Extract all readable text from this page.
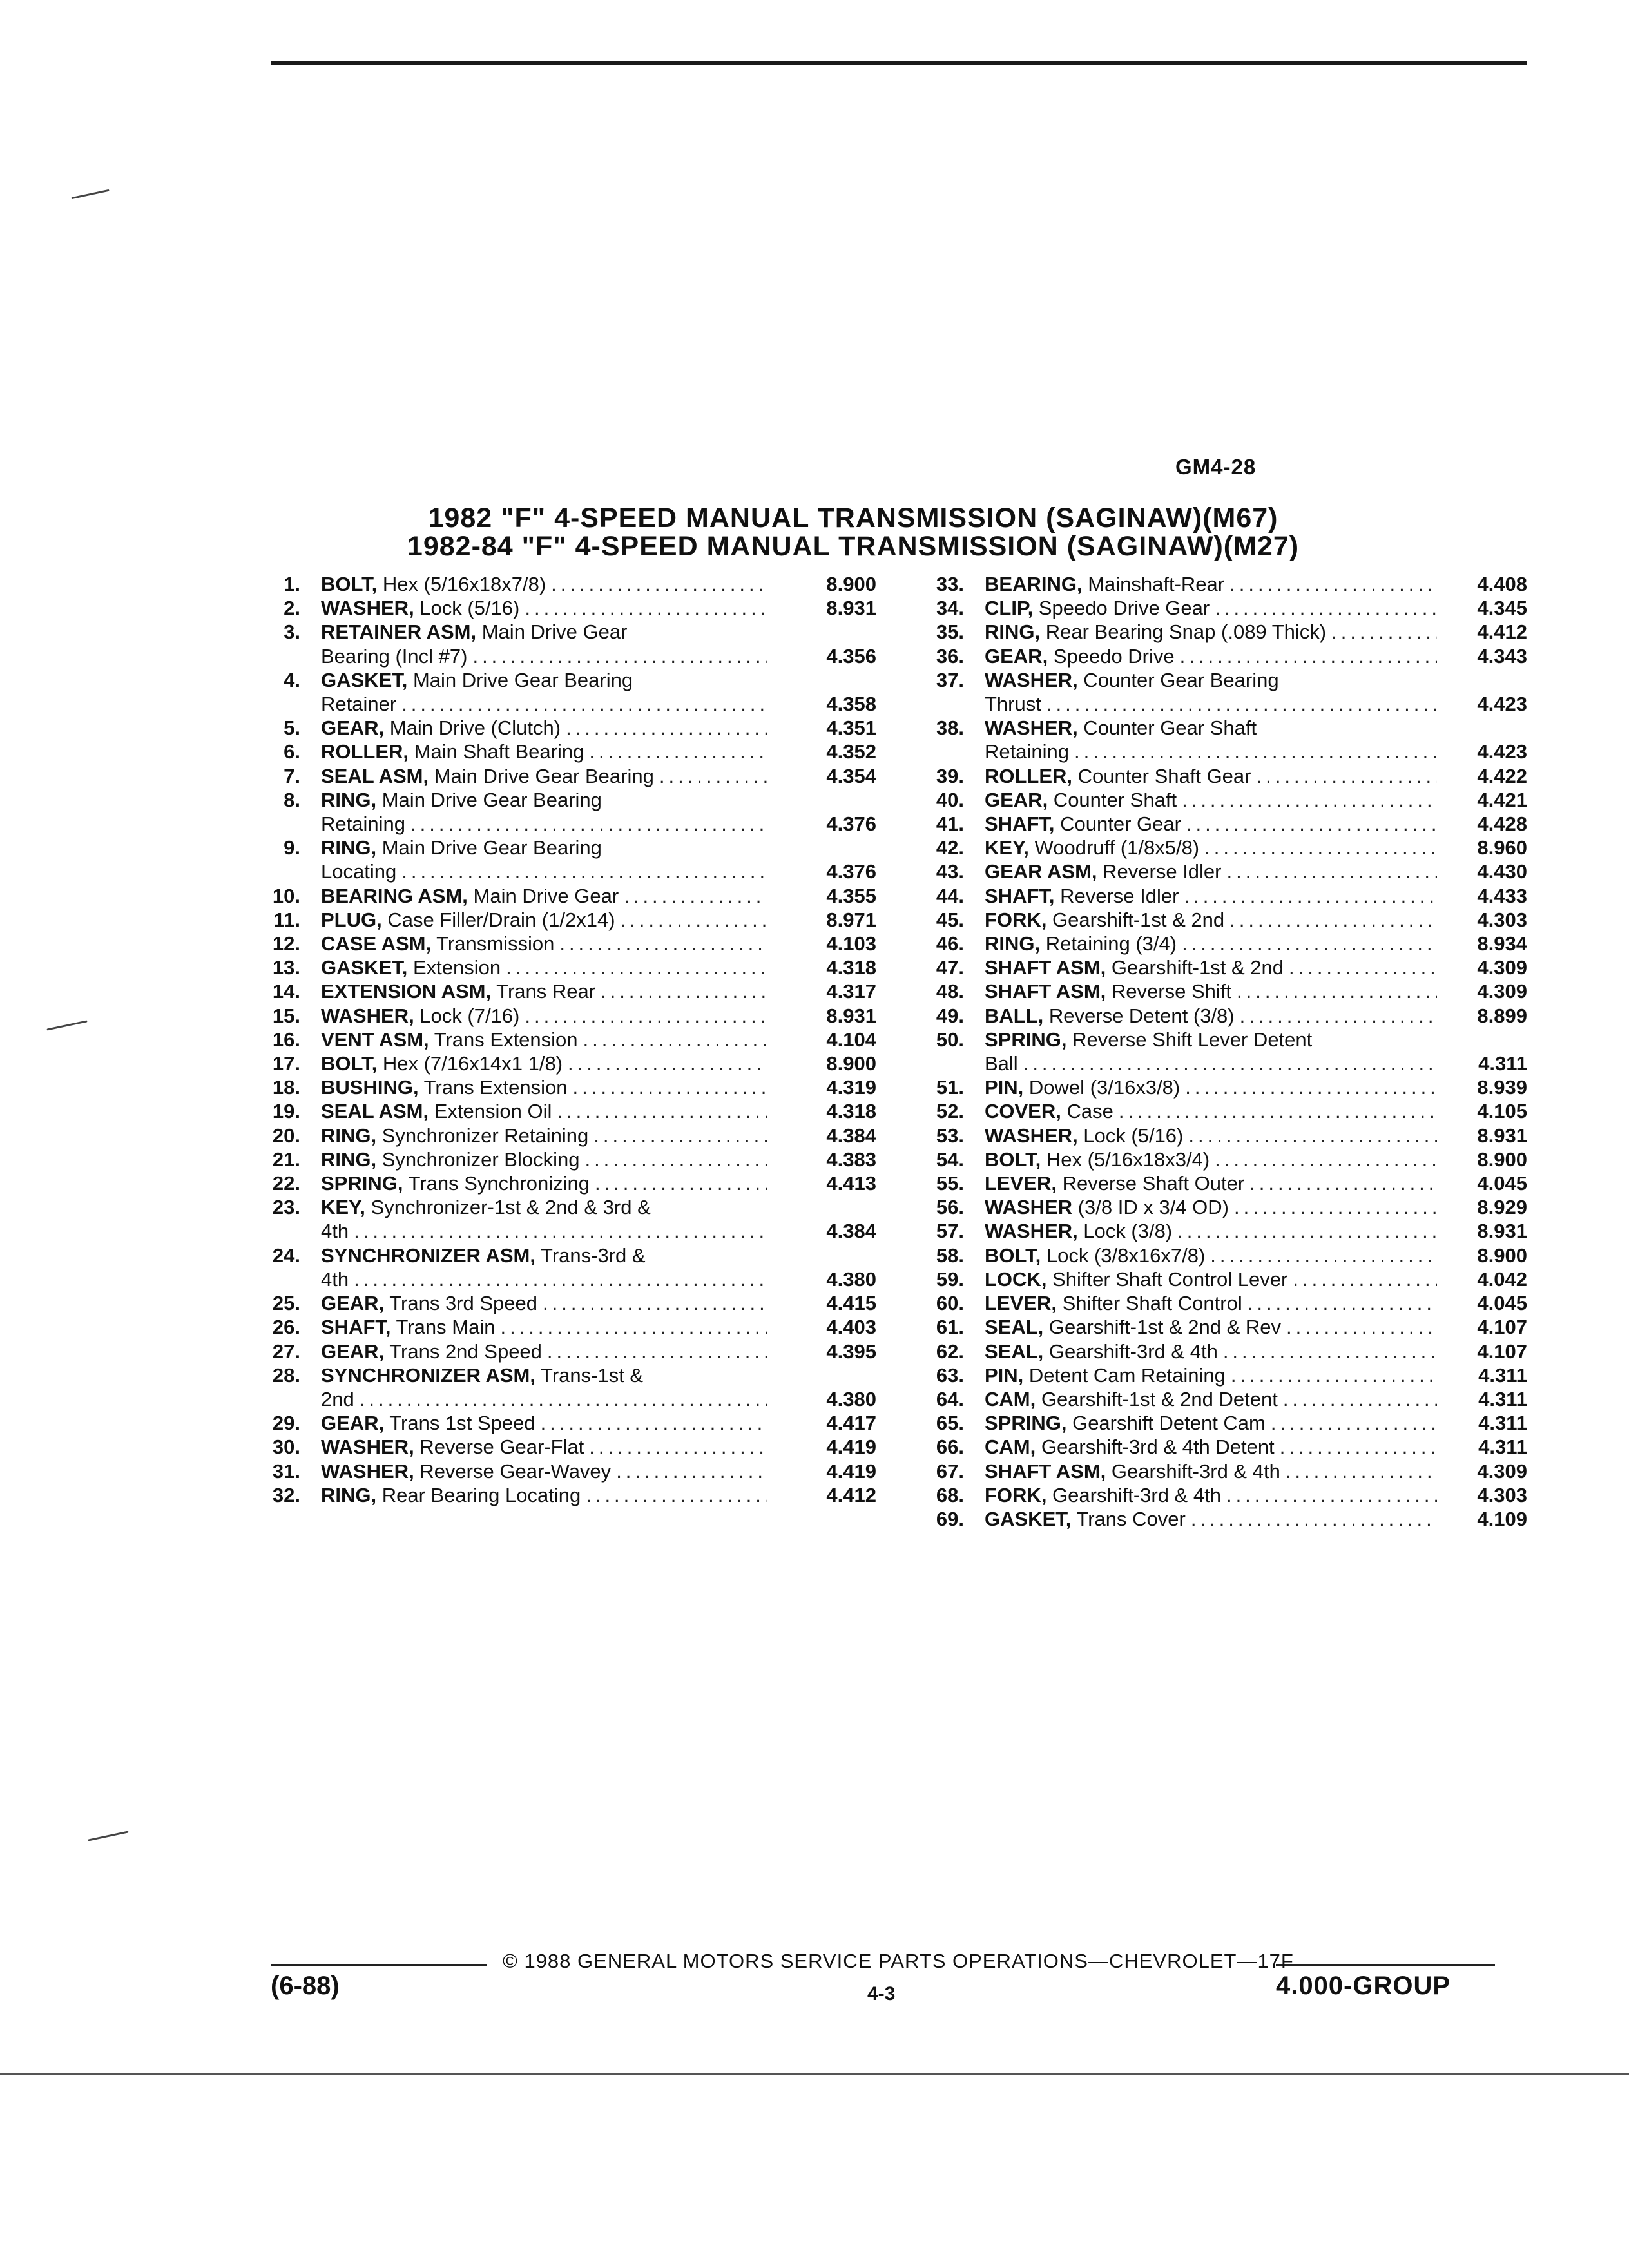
GM4-28
1982 "F" 4-SPEED MANUAL TRANSMISSION (SAGINAW)(M67)
1982-84 "F" 4-SPEED MANUAL TRANSMISSION (SAGINAW)(M27)
1.	BOLT, Hex (5/16x18x7/8) .....	8.900
2.	WASHER, Lock (5/16) .....	8.931
3.	RETAINER ASM, Main Drive Gear
Bearing (Incl #7) .....	4.356
4.	GASKET, Main Drive Gear Bearing
Retainer .....	4.358
5.	GEAR, Main Drive (Clutch) .....	4.351
6.	ROLLER, Main Shaft Bearing .....	4.352
7.	SEAL ASM, Main Drive Gear Bearing .....	4.354
8.	RING, Main Drive Gear Bearing
Retaining .....	4.376
9.	RING, Main Drive Gear Bearing
Locating .....	4.376
10.	BEARING ASM, Main Drive Gear .....	4.355
11.	PLUG, Case Filler/Drain (1/2x14) .....	8.971
12.	CASE ASM, Transmission .....	4.103
13.	GASKET, Extension .....	4.318
14.	EXTENSION ASM, Trans Rear .....	4.317
15.	WASHER, Lock (7/16) .....	8.931
16.	VENT ASM, Trans Extension .....	4.104
17.	BOLT, Hex (7/16x14x1 1/8) .....	8.900
18.	BUSHING, Trans Extension .....	4.319
19.	SEAL ASM, Extension Oil .....	4.318
20.	RING, Synchronizer Retaining .....	4.384
21.	RING, Synchronizer Blocking .....	4.383
22.	SPRING, Trans Synchronizing .....	4.413
23.	KEY, Synchronizer-1st & 2nd & 3rd &
4th .....	4.384
24.	SYNCHRONIZER ASM, Trans-3rd &
4th .....	4.380
25.	GEAR, Trans 3rd Speed .....	4.415
26.	SHAFT, Trans Main .....	4.403
27.	GEAR, Trans 2nd Speed .....	4.395
28.	SYNCHRONIZER ASM, Trans-1st &
2nd .....	4.380
29.	GEAR, Trans 1st Speed .....	4.417
30.	WASHER, Reverse Gear-Flat .....	4.419
31.	WASHER, Reverse Gear-Wavey .....	4.419
32.	RING, Rear Bearing Locating .....	4.412
33.	BEARING, Mainshaft-Rear .....	4.408
34.	CLIP, Speedo Drive Gear .....	4.345
35.	RING, Rear Bearing Snap (.089 Thick) .....	4.412
36.	GEAR, Speedo Drive .....	4.343
37.	WASHER, Counter Gear Bearing
Thrust .....	4.423
38.	WASHER, Counter Gear Shaft
Retaining .....	4.423
39.	ROLLER, Counter Shaft Gear .....	4.422
40.	GEAR, Counter Shaft .....	4.421
41.	SHAFT, Counter Gear .....	4.428
42.	KEY, Woodruff (1/8x5/8) .....	8.960
43.	GEAR ASM, Reverse Idler .....	4.430
44.	SHAFT, Reverse Idler .....	4.433
45.	FORK, Gearshift-1st & 2nd .....	4.303
46.	RING, Retaining (3/4) .....	8.934
47.	SHAFT ASM, Gearshift-1st & 2nd .....	4.309
48.	SHAFT ASM, Reverse Shift .....	4.309
49.	BALL, Reverse Detent (3/8) .....	8.899
50.	SPRING, Reverse Shift Lever Detent
Ball .....	4.311
51.	PIN, Dowel (3/16x3/8) .....	8.939
52.	COVER, Case .....	4.105
53.	WASHER, Lock (5/16) .....	8.931
54.	BOLT, Hex (5/16x18x3/4) .....	8.900
55.	LEVER, Reverse Shaft Outer .....	4.045
56.	WASHER (3/8 ID x 3/4 OD) .....	8.929
57.	WASHER, Lock (3/8) .....	8.931
58.	BOLT, Lock (3/8x16x7/8) .....	8.900
59.	LOCK, Shifter Shaft Control Lever .....	4.042
60.	LEVER, Shifter Shaft Control .....	4.045
61.	SEAL, Gearshift-1st & 2nd & Rev .....	4.107
62.	SEAL, Gearshift-3rd & 4th .....	4.107
63.	PIN, Detent Cam Retaining .....	4.311
64.	CAM, Gearshift-1st & 2nd Detent .....	4.311
65.	SPRING, Gearshift Detent Cam .....	4.311
66.	CAM, Gearshift-3rd & 4th Detent .....	4.311
67.	SHAFT ASM, Gearshift-3rd & 4th .....	4.309
68.	FORK, Gearshift-3rd & 4th .....	4.303
69.	GASKET, Trans Cover .....	4.109
© 1988 GENERAL MOTORS SERVICE PARTS OPERATIONS—CHEVROLET—17F
(6-88)	4-3	4.000-GROUP
